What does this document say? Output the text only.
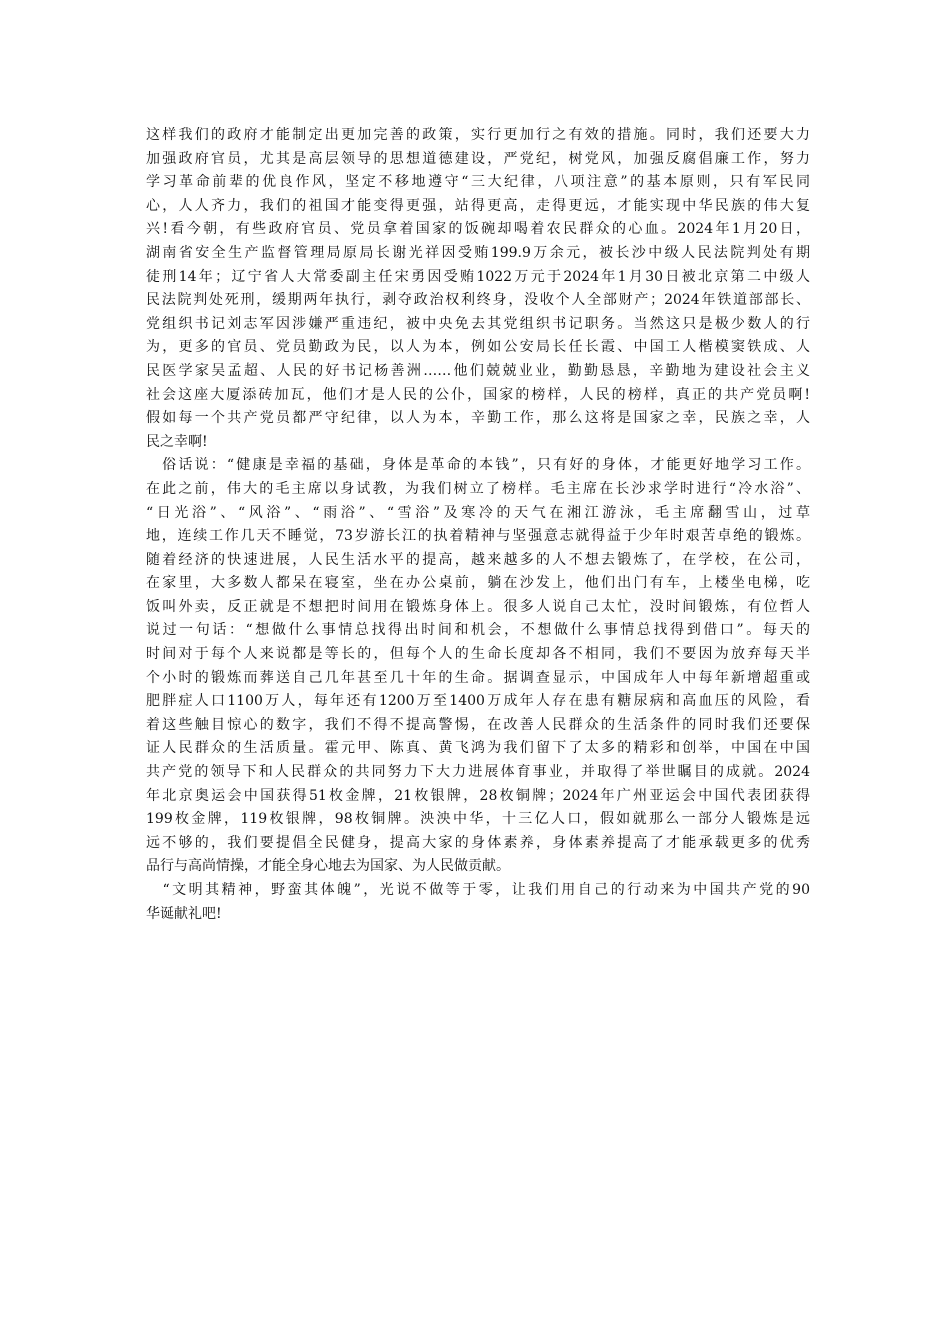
这样我们的政府才能制定出更加完善的政策，实行更加行之有效的措施。同时，我们还要大力
加强政府官员，尤其是高层领导的思想道德建设，严党纪，树党风，加强反腐倡廉工作，努力
学习革命前辈的优良作风，坚定不移地遵守“三大纪律，八项注意”的基本原则，只有军民同
心，人人齐力，我们的祖国才能变得更强，站得更高，走得更远，才能实现中华民族的伟大复
兴!看今朝，有些政府官员、党员拿着国家的饭碗却喝着农民群众的心血。2024年1月20日，
湖南省安全生产监督管理局原局长谢光祥因受贿199.9万余元，被长沙中级人民法院判处有期
徒刑14年；辽宁省人大常委副主任宋勇因受贿1022万元于2024年1月30日被北京第二中级人
民法院判处死刑，缓期两年执行，剥夺政治权利终身，没收个人全部财产；2024年铁道部部长、
党组织书记刘志军因涉嫌严重违纪，被中央免去其党组织书记职务。当然这只是极少数人的行
为，更多的官员、党员勤政为民，以人为本，例如公安局长任长霞、中国工人楷模窦铁成、人
民医学家吴孟超、人民的好书记杨善洲……他们兢兢业业，勤勤恳恳，辛勤地为建设社会主义
社会这座大厦添砖加瓦，他们才是人民的公仆，国家的榜样，人民的榜样，真正的共产党员啊!
假如每一个共产党员都严守纪律，以人为本，辛勤工作，那么这将是国家之幸，民族之幸，人
民之幸啊!
　俗话说：“健康是幸福的基础，身体是革命的本钱”，只有好的身体，才能更好地学习工作。
在此之前，伟大的毛主席以身试教，为我们树立了榜样。毛主席在长沙求学时进行“冷水浴”、
“日光浴”、“风浴”、“雨浴”、“雪浴”及寒冷的天气在湘江游泳，毛主席翻雪山，过草
地，连续工作几天不睡觉，73岁游长江的执着精神与坚强意志就得益于少年时艰苦卓绝的锻炼。
随着经济的快速进展，人民生活水平的提高，越来越多的人不想去锻炼了，在学校，在公司，
在家里，大多数人都呆在寝室，坐在办公桌前，躺在沙发上，他们出门有车，上楼坐电梯，吃
饭叫外卖，反正就是不想把时间用在锻炼身体上。很多人说自己太忙，没时间锻炼，有位哲人
说过一句话：“想做什么事情总找得出时间和机会，不想做什么事情总找得到借口”。每天的
时间对于每个人来说都是等长的，但每个人的生命长度却各不相同，我们不要因为放弃每天半
个小时的锻炼而葬送自己几年甚至几十年的生命。据调查显示，中国成年人中每年新增超重或
肥胖症人口1100万人，每年还有1200万至1400万成年人存在患有糖尿病和高血压的风险，看
着这些触目惊心的数字，我们不得不提高警惕，在改善人民群众的生活条件的同时我们还要保
证人民群众的生活质量。霍元甲、陈真、黄飞鸿为我们留下了太多的精彩和创举，中国在中国
共产党的领导下和人民群众的共同努力下大力进展体育事业，并取得了举世瞩目的成就。2024
年北京奥运会中国获得51枚金牌，21枚银牌，28枚铜牌；2024年广州亚运会中国代表团获得
199枚金牌，119枚银牌，98枚铜牌。泱泱中华，十三亿人口，假如就那么一部分人锻炼是远
远不够的，我们要提倡全民健身，提高大家的身体素养，身体素养提高了才能承载更多的优秀
品行与高尚情操，才能全身心地去为国家、为人民做贡献。
　“文明其精神，野蛮其体魄”，光说不做等于零，让我们用自己的行动来为中国共产党的90
华诞献礼吧!
